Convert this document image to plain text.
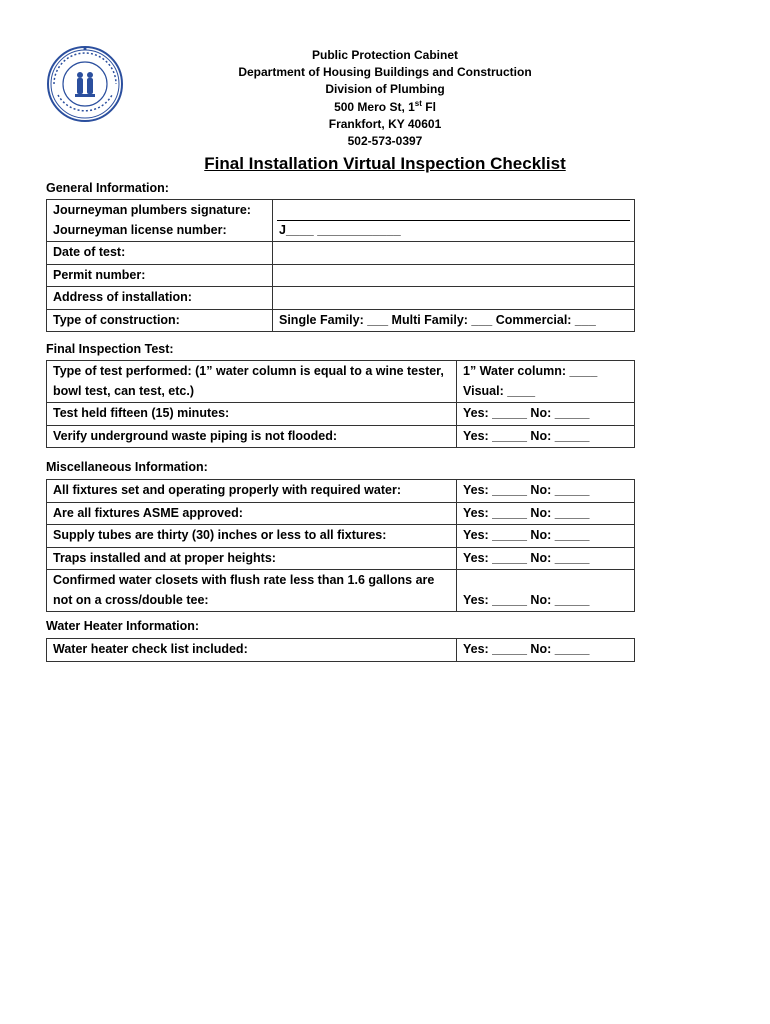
Public Protection Cabinet
Department of Housing Buildings and Construction
Division of Plumbing
500 Mero St, 1st Fl
Frankfort, KY 40601
502-573-0397
Final Installation Virtual Inspection Checklist
General Information:
Journeyman plumbers signature:
Journeyman license number:	J____ ____________

Date of test:	
Permit number:	
Address of installation:	
Type of construction:	Single Family: ___ Multi Family: ___ Commercial: ___
Final Inspection Test:
Type of test performed: (1” water column is equal to a wine tester, bowl test, can test, etc.)	1” Water column: ____
Visual: ____

Test held fifteen (15) minutes:	Yes: _____ No: _____
Verify underground waste piping is not flooded:	Yes: _____ No: _____
Miscellaneous Information:
All fixtures set and operating properly with required water:	Yes: _____ No: _____
Are all fixtures ASME approved:	Yes: _____ No: _____
Supply tubes are thirty (30) inches or less to all fixtures:	Yes: _____ No: _____
Traps installed and at proper heights:	Yes: _____ No: _____
Confirmed water closets with flush rate less than 1.6 gallons are not on a cross/double tee:	Yes: _____ No: _____
Water Heater Information:
Water heater check list included:	Yes: _____ No: _____
